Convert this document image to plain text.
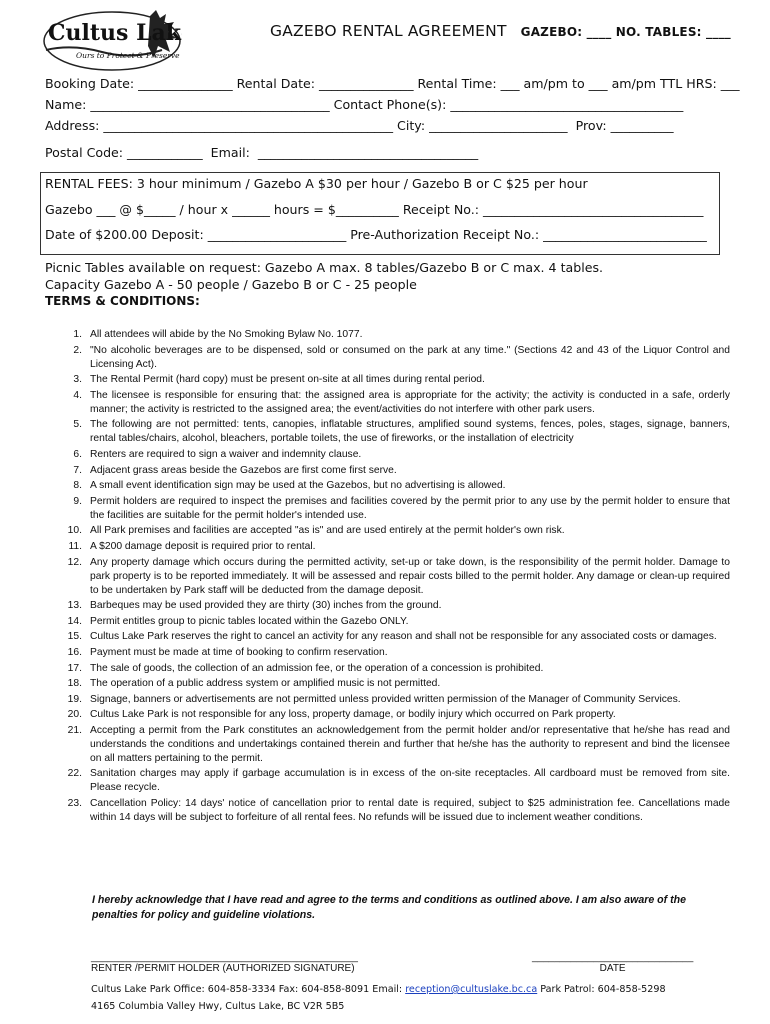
Cultus Lake
Ours to Protect & Preserve
GAZEBO RENTAL AGREEMENT GAZEBO: ____ NO. TABLES: ____
Booking Date: _______________ Rental Date: _______________ Rental Time: ___ am/pm to ___ am/pm TTL HRS: ___
Name: ______________________________________ Contact Phone(s): _____________________________________
Address: ______________________________________________ City: ______________________  Prov: __________
Postal Code: ____________  Email:  ___________________________________
RENTAL FEES: 3 hour minimum / Gazebo A $30 per hour / Gazebo B or C $25 per hour
Gazebo ___ @ $_____ / hour x ______ hours = $__________ Receipt No.: ___________________________________
Date of $200.00 Deposit: ______________________ Pre-Authorization Receipt No.: __________________________
Picnic Tables available on request: Gazebo A max. 8 tables/Gazebo B or C max. 4 tables.
Capacity Gazebo A - 50 people / Gazebo B or C - 25 people
TERMS & CONDITIONS:
1. All attendees will abide by the No Smoking Bylaw No. 1077.
2. "No alcoholic beverages are to be dispensed, sold or consumed on the park at any time." (Sections 42 and 43 of the Liquor Control and Licensing Act).
3. The Rental Permit (hard copy) must be present on-site at all times during rental period.
4. The licensee is responsible for ensuring that: the assigned area is appropriate for the activity; the activity is conducted in a safe, orderly manner; the activity is restricted to the assigned area; the event/activities do not interfere with other park users.
5. The following are not permitted: tents, canopies, inflatable structures, amplified sound systems, fences, poles, stages, signage, banners, rental tables/chairs, alcohol, bleachers, portable toilets, the use of fireworks, or the installation of electricity
6. Renters are required to sign a waiver and indemnity clause.
7. Adjacent grass areas beside the Gazebos are first come first serve.
8. A small event identification sign may be used at the Gazebos, but no advertising is allowed.
9. Permit holders are required to inspect the premises and facilities covered by the permit prior to any use by the permit holder to ensure that the facilities are suitable for the permit holder's intended use.
10. All Park premises and facilities are accepted "as is" and are used entirely at the permit holder's own risk.
11. A $200 damage deposit is required prior to rental.
12. Any property damage which occurs during the permitted activity, set-up or take down, is the responsibility of the permit holder. Damage to park property is to be reported immediately. It will be assessed and repair costs billed to the permit holder. Any damage or clean-up required to be undertaken by Park staff will be deducted from the damage deposit.
13. Barbeques may be used provided they are thirty (30) inches from the ground.
14. Permit entitles group to picnic tables located within the Gazebo ONLY.
15. Cultus Lake Park reserves the right to cancel an activity for any reason and shall not be responsible for any associated costs or damages.
16. Payment must be made at time of booking to confirm reservation.
17. The sale of goods, the collection of an admission fee, or the operation of a concession is prohibited.
18. The operation of a public address system or amplified music is not permitted.
19. Signage, banners or advertisements are not permitted unless provided written permission of the Manager of Community Services.
20. Cultus Lake Park is not responsible for any loss, property damage, or bodily injury which occurred on Park property.
21. Accepting a permit from the Park constitutes an acknowledgement from the permit holder and/or representative that he/she has read and understands the conditions and undertakings contained therein and further that he/she has the authority to represent and bind the licensee on all matters pertaining to the permit.
22. Sanitation charges may apply if garbage accumulation is in excess of the on-site receptacles. All cardboard must be removed from site. Please recycle.
23. Cancellation Policy: 14 days' notice of cancellation prior to rental date is required, subject to $25 administration fee. Cancellations made within 14 days will be subject to forfeiture of all rental fees. No refunds will be issued due to inclement weather conditions.
I hereby acknowledge that I have read and agree to the terms and conditions as outlined above. I am also aware of the penalties for policy and guideline violations.
________________________________________________
RENTER /PERMIT HOLDER (AUTHORIZED SIGNATURE)
_____________________________
DATE
Cultus Lake Park Office: 604-858-3334 Fax: 604-858-8091 Email: reception@cultuslake.bc.ca Park Patrol: 604-858-5298
4165 Columbia Valley Hwy, Cultus Lake, BC V2R 5B5
